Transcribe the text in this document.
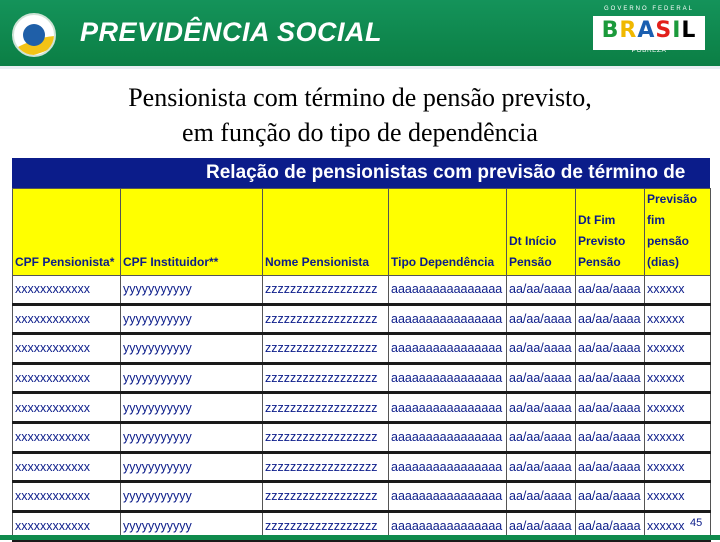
PREVIDÊNCIA SOCIAL
GOVERNO FEDERAL
BRASIL
PAÍS RICO É PAÍS SEM POBREZA
Pensionista com término de pensão previsto,
em função do tipo de dependência
Relação de pensionistas com previsão de término de
CPF Pensionista*	CPF Instituidor**	Nome Pensionista	Tipo Dependência	Dt Início Pensão	Dt Fim Previsto Pensão	Previsão fim pensão (dias)
xxxxxxxxxxxx	yyyyyyyyyyy	zzzzzzzzzzzzzzzzzz	aaaaaaaaaaaaaaaa	aa/aa/aaaa	aa/aa/aaaa	xxxxxx
xxxxxxxxxxxx	yyyyyyyyyyy	zzzzzzzzzzzzzzzzzz	aaaaaaaaaaaaaaaa	aa/aa/aaaa	aa/aa/aaaa	xxxxxx
xxxxxxxxxxxx	yyyyyyyyyyy	zzzzzzzzzzzzzzzzzz	aaaaaaaaaaaaaaaa	aa/aa/aaaa	aa/aa/aaaa	xxxxxx
xxxxxxxxxxxx	yyyyyyyyyyy	zzzzzzzzzzzzzzzzzz	aaaaaaaaaaaaaaaa	aa/aa/aaaa	aa/aa/aaaa	xxxxxx
xxxxxxxxxxxx	yyyyyyyyyyy	zzzzzzzzzzzzzzzzzz	aaaaaaaaaaaaaaaa	aa/aa/aaaa	aa/aa/aaaa	xxxxxx
xxxxxxxxxxxx	yyyyyyyyyyy	zzzzzzzzzzzzzzzzzz	aaaaaaaaaaaaaaaa	aa/aa/aaaa	aa/aa/aaaa	xxxxxx
xxxxxxxxxxxx	yyyyyyyyyyy	zzzzzzzzzzzzzzzzzz	aaaaaaaaaaaaaaaa	aa/aa/aaaa	aa/aa/aaaa	xxxxxx
xxxxxxxxxxxx	yyyyyyyyyyy	zzzzzzzzzzzzzzzzzz	aaaaaaaaaaaaaaaa	aa/aa/aaaa	aa/aa/aaaa	xxxxxx
xxxxxxxxxxxx	yyyyyyyyyyy	zzzzzzzzzzzzzzzzzz	aaaaaaaaaaaaaaaa	aa/aa/aaaa	aa/aa/aaaa	xxxxxx 45
